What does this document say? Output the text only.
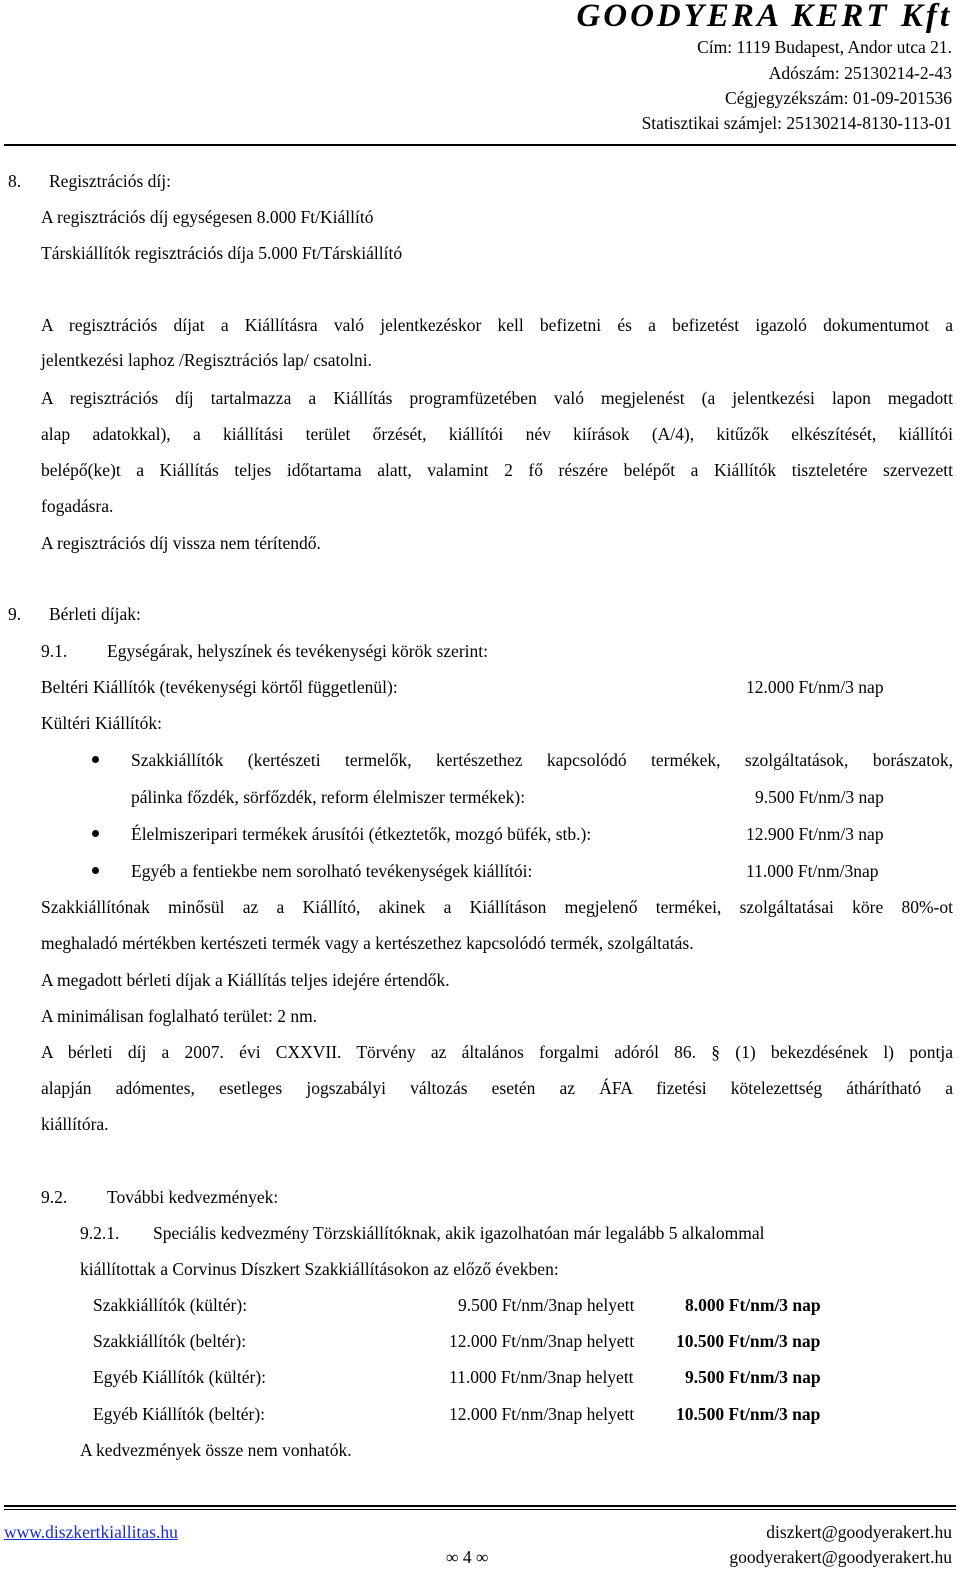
GOODYERA KERT Kft
Cím: 1119 Budapest, Andor utca 21.
Adószám: 25130214-2-43
Cégjegyzékszám: 01-09-201536
Statisztikai számjel: 25130214-8130-113-01
8. Regisztrációs díj:
A regisztrációs díj egységesen 8.000 Ft/Kiállító
Társkiállítók regisztrációs díja 5.000 Ft/Társkiállító
A regisztrációs díjat a Kiállításra való jelentkezéskor kell befizetni és a befizetést igazoló dokumentumot a
jelentkezési laphoz /Regisztrációs lap/ csatolni.
A regisztrációs díj tartalmazza a Kiállítás programfüzetében való megjelenést (a jelentkezési lapon megadott
alap adatokkal), a kiállítási terület őrzését, kiállítói név kiírások (A/4), kitűzők elkészítését, kiállítói
belépő(ke)t a Kiállítás teljes időtartama alatt, valamint 2 fő részére belépőt a Kiállítók tiszteletére szervezett
fogadásra.
A regisztrációs díj vissza nem térítendő.
9. Bérleti díjak:
9.1. Egységárak, helyszínek és tevékenységi körök szerint:
Beltéri Kiállítók (tevékenységi körtől függetlenül):	12.000 Ft/nm/3 nap
Kültéri Kiállítók:
Szakkiállítók (kertészeti termelők, kertészethez kapcsolódó termékek, szolgáltatások, borászatok,
pálinka főzdék, sörfőzdék, reform élelmiszer termékek):	9.500 Ft/nm/3 nap
Élelmiszeripari termékek árusítói (étkeztetők, mozgó büfék, stb.):	12.900 Ft/nm/3 nap
Egyéb a fentiekbe nem sorolható tevékenységek kiállítói:	11.000 Ft/nm/3nap
Szakkiállítónak minősül az a Kiállító, akinek a Kiállításon megjelenő termékei, szolgáltatásai köre 80%-ot
meghaladó mértékben kertészeti termék vagy a kertészethez kapcsolódó termék, szolgáltatás.
A megadott bérleti díjak a Kiállítás teljes idejére értendők.
A minimálisan foglalható terület: 2 nm.
A bérleti díj a 2007. évi CXXVII. Törvény az általános forgalmi adóról 86. § (1) bekezdésének l) pontja
alapján adómentes, esetleges jogszabályi változás esetén az ÁFA fizetési kötelezettség áthárítható a
kiállítóra.
9.2. További kedvezmények:
9.2.1. Speciális kedvezmény Törzskiállítóknak, akik igazolhatóan már legalább 5 alkalommal
kiállítottak a Corvinus Díszkert Szakkiállításokon az előző években:
Szakkiállítók (kültér):	9.500 Ft/nm/3nap helyett	8.000 Ft/nm/3 nap
Szakkiállítók (beltér):	12.000 Ft/nm/3nap helyett 10.500 Ft/nm/3 nap
Egyéb Kiállítók (kültér):	11.000 Ft/nm/3nap helyett	9.500 Ft/nm/3 nap
Egyéb Kiállítók (beltér):	12.000 Ft/nm/3nap helyett 10.500 Ft/nm/3 nap
A kedvezmények össze nem vonhatók.
www.diszkertkiallitas.hu
∞ 4 ∞
diszkert@goodyerakert.hu
goodyerakert@goodyerakert.hu
